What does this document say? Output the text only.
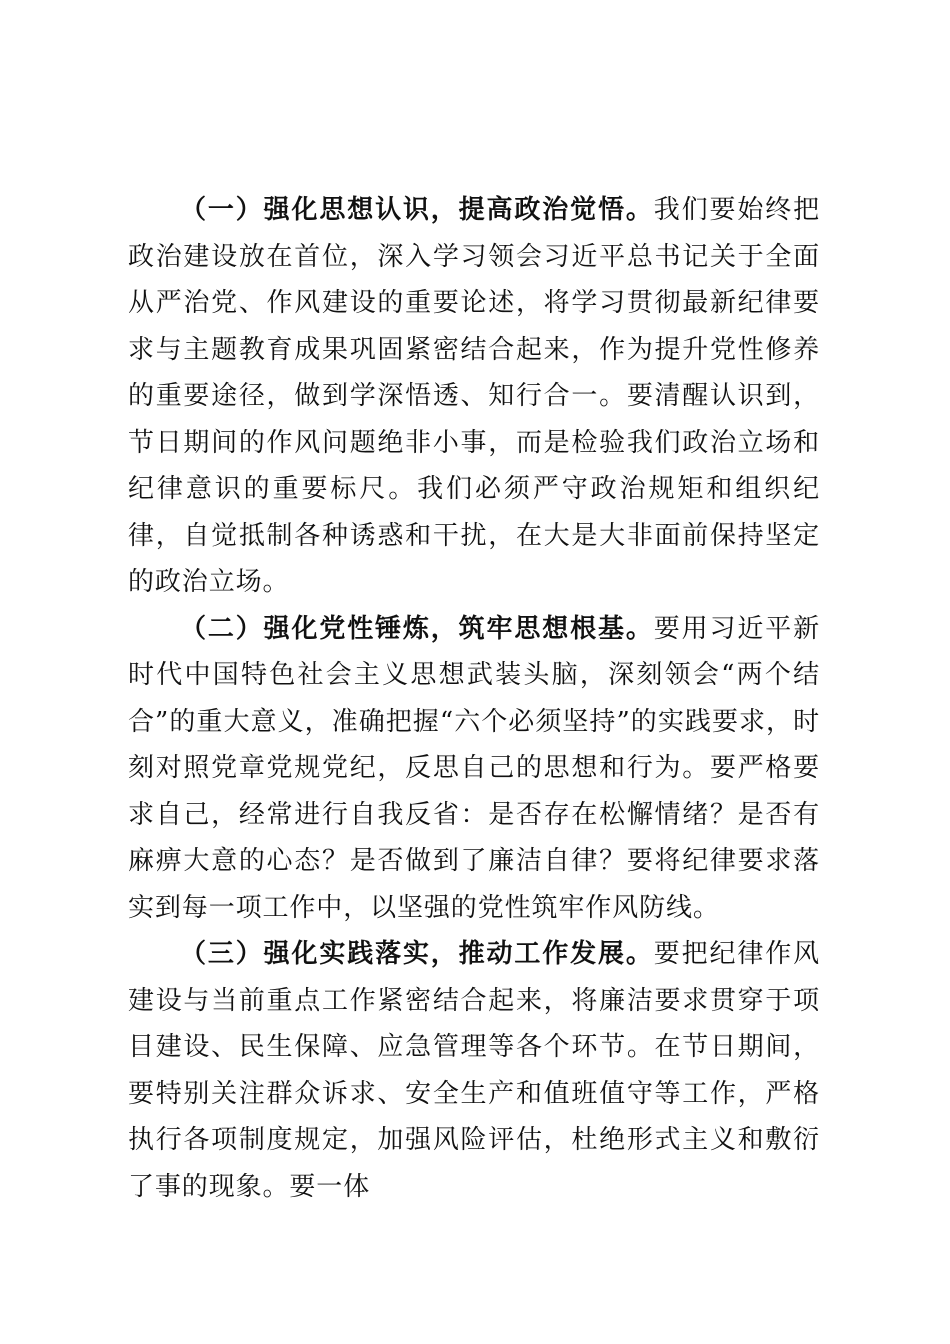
（一）强化思想认识，提高政治觉悟。我们要始终把政治建设放在首位，深入学习领会习近平总书记关于全面从严治党、作风建设的重要论述，将学习贯彻最新纪律要求与主题教育成果巩固紧密结合起来，作为提升党性修养的重要途径，做到学深悟透、知行合一。要清醒认识到，节日期间的作风问题绝非小事，而是检验我们政治立场和纪律意识的重要标尺。我们必须严守政治规矩和组织纪律，自觉抵制各种诱惑和干扰，在大是大非面前保持坚定的政治立场。

（二）强化党性锤炼，筑牢思想根基。要用习近平新时代中国特色社会主义思想武装头脑，深刻领会“两个结合”的重大意义，准确把握“六个必须坚持”的实践要求，时刻对照党章党规党纪，反思自己的思想和行为。要严格要求自己，经常进行自我反省：是否存在松懈情绪？是否有麻痹大意的心态？是否做到了廉洁自律？要将纪律要求落实到每一项工作中，以坚强的党性筑牢作风防线。

（三）强化实践落实，推动工作发展。要把纪律作风建设与当前重点工作紧密结合起来，将廉洁要求贯穿于项目建设、民生保障、应急管理等各个环节。在节日期间，要特别关注群众诉求、安全生产和值班值守等工作，严格执行各项制度规定，加强风险评估，杜绝形式主义和敷衍了事的现象。要一体
